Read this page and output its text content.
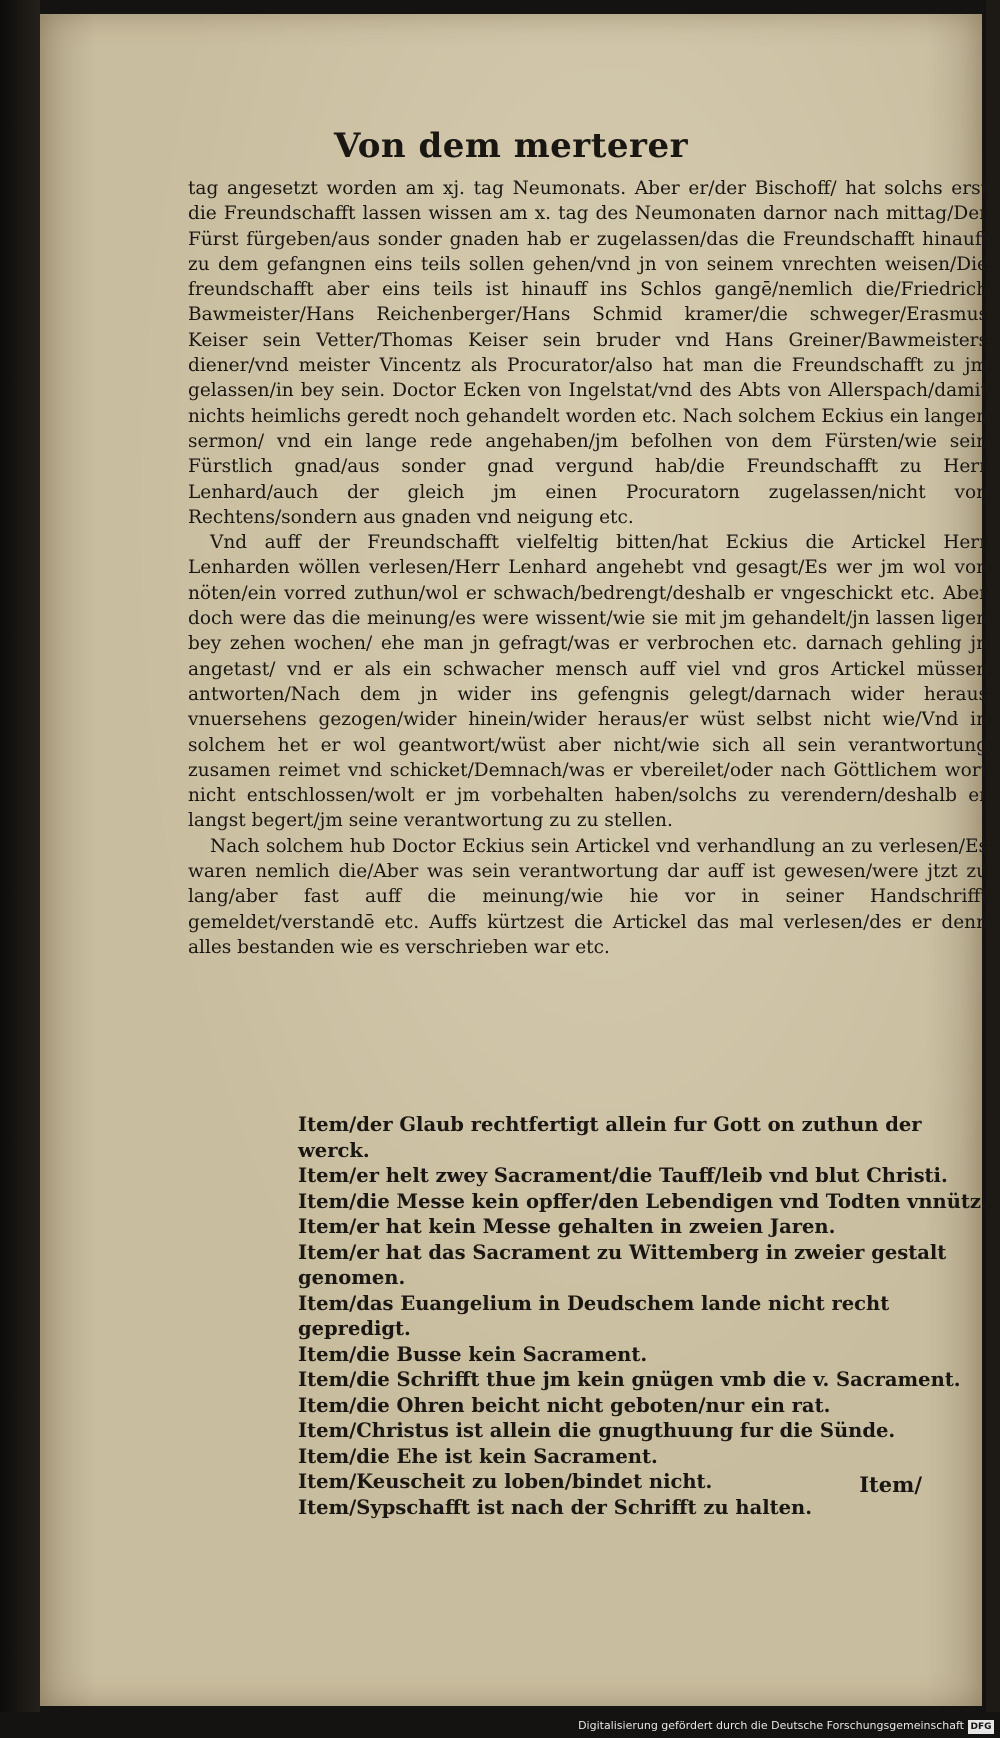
Von dem merterer

tag angesetzt worden am xj. tag Neumonats. Aber er/der Bischoff/ hat solchs erst die Freundschafft lassen wissen am x. tag des Neumonaten darnor nach mittag/Der Fürst fürgeben/aus sonder gnaden hab er zugelassen/das die Freundschafft hinauff zu dem gefangnen eins teils sollen gehen/vnd jn von seinem vnrechten weisen/Die freundschafft aber eins teils ist hinauff ins Schlos gangē/nemlich die/Friedrich Bawmeister/Hans Reichenberger/Hans Schmid kramer/die schweger/Erasmus Keiser sein Vetter/Thomas Keiser sein bruder vnd Hans Greiner/Bawmeisters diener/vnd meister Vincentz als Procurator/also hat man die Freundschafft zu jm gelassen/in bey sein. Doctor Ecken von Ingelstat/vnd des Abts von Allerspach/damit nichts heimlichs geredt noch gehandelt worden etc. Nach solchem Eckius ein langen sermon/ vnd ein lange rede angehaben/jm befolhen von dem Fürsten/wie sein Fürstlich gnad/aus sonder gnad vergund hab/die Freundschafft zu Herr Lenhard/auch der gleich jm einen Procuratorn zugelassen/nicht von Rechtens/sondern aus gnaden vnd neigung etc.

Vnd auff der Freundschafft vielfeltig bitten/hat Eckius die Artickel Herr Lenharden wöllen verlesen/Herr Lenhard angehebt vnd gesagt/Es wer jm wol von nöten/ein vorred zuthun/wol er schwach/bedrengt/deshalb er vngeschickt etc. Aber doch were das die meinung/es were wissent/wie sie mit jm gehandelt/jn lassen ligen bey zehen wochen/ ehe man jn gefragt/was er verbrochen etc. darnach gehling jn angetast/ vnd er als ein schwacher mensch auff viel vnd gros Artickel müssen antworten/Nach dem jn wider ins gefengnis gelegt/darnach wider heraus vnuersehens gezogen/wider hinein/wider heraus/er wüst selbst nicht wie/Vnd in solchem het er wol geantwort/wüst aber nicht/wie sich all sein verantwortung zusamen reimet vnd schicket/Demnach/was er vbereilet/oder nach Göttlichem wort nicht entschlossen/wolt er jm vorbehalten haben/solchs zu verendern/deshalb er langst begert/jm seine verantwortung zu zu stellen.

Nach solchem hub Doctor Eckius sein Artickel vnd verhandlung an zu verlesen/Es waren nemlich die/Aber was sein verantwortung dar auff ist gewesen/were jtzt zu lang/aber fast auff die meinung/wie hie vor in seiner Handschrifft gemeldet/verstandē etc. Auffs kürtzest die Artickel das mal verlesen/des er denn alles bestanden wie es verschrieben war etc.

Item/der Glaub rechtfertigt allein fur Gott on zuthun der werck.

Item/er helt zwey Sacrament/die Tauff/leib vnd blut Christi.

Item/die Messe kein opffer/den Lebendigen vnd Todten vnnütz.

Item/er hat kein Messe gehalten in zweien Jaren.

Item/er hat das Sacrament zu Wittemberg in zweier gestalt genomen.

Item/das Euangelium in Deudschem lande nicht recht gepredigt.

Item/die Busse kein Sacrament.

Item/die Schrifft thue jm kein gnügen vmb die v. Sacrament.

Item/die Ohren beicht nicht geboten/nur ein rat.

Item/Christus ist allein die gnugthuung fur die Sünde.

Item/die Ehe ist kein Sacrament.

Item/Keuscheit zu loben/bindet nicht.

Item/Sypschafft ist nach der Schrifft zu halten.

Item/
Digitalisierung gefördert durch die Deutsche Forschungsgemeinschaft DFG
